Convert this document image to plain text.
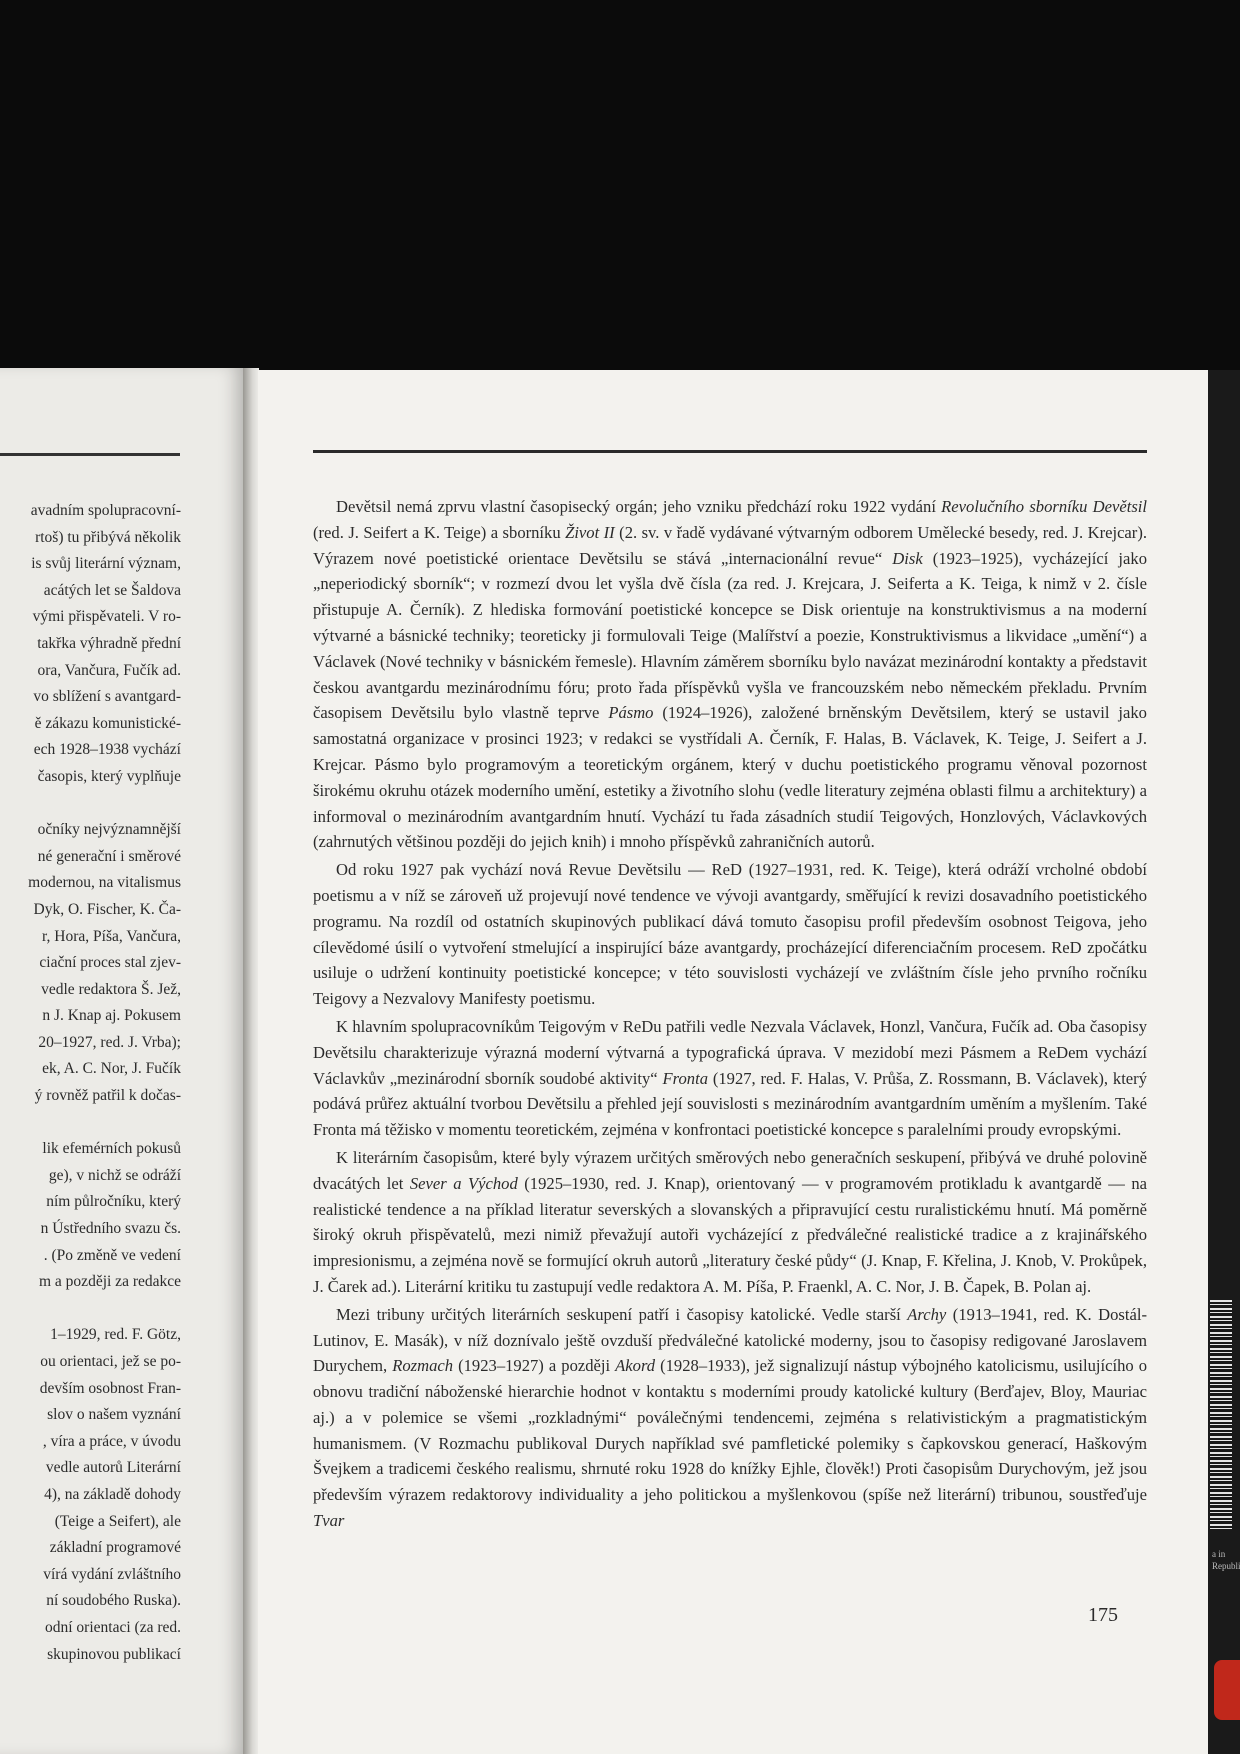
avadním spolupracovní-
rtoš) tu přibývá několik
is svůj literární význam,
acátých let se Šaldova
vými přispěvateli. V ro-
takřka výhradně přední
ora, Vančura, Fučík ad.
vo sblížení s avantgard-
ě zákazu komunistické-
ech 1928–1938 vychází
časopis, který vyplňuje

očníky nejvýznamnější
né generační i směrové
modernou, na vitalismus
Dyk, O. Fischer, K. Ča-
r, Hora, Píša, Vančura,
ciační proces stal zjev-
vedle redaktora Š. Jež,
n J. Knap aj. Pokusem
20–1927, red. J. Vrba);
ek, A. C. Nor, J. Fučík
ý rovněž patřil k dočas-

lik efemérních pokusů
ge), v nichž se odráží
ním půlročníku, který
n Ústředního svazu čs.
. (Po změně ve vedení
m a později za redakce

1–1929, red. F. Götz,
ou orientaci, jež se po-
devším osobnost Fran-
slov o našem vyznání
, víra a práce, v úvodu
vedle autorů Literární
4), na základě dohody
(Teige a Seifert), ale
základní programové
vírá vydání zvláštního
ní soudobého Ruska).
odní orientaci (za red.
skupinovou publikací
a in
Republi

Devětsil nemá zprvu vlastní časopisecký orgán; jeho vzniku předchází roku 1922 vydání Revolučního sborníku Devětsil (red. J. Seifert a K. Teige) a sborníku Život II (2. sv. v řadě vydávané výtvarným odborem Umělecké besedy, red. J. Krejcar). Výrazem nové poetistické orientace Devětsilu se stává „internacionální revue“ Disk (1923–1925), vycházející jako „neperiodický sborník“; v rozmezí dvou let vyšla dvě čísla (za red. J. Krejcara, J. Seiferta a K. Teiga, k nimž v 2. čísle přistupuje A. Černík). Z hlediska formování poetistické koncepce se Disk orientuje na konstruktivismus a na moderní výtvarné a básnické techniky; teoreticky ji formulovali Teige (Malířství a poezie, Konstruktivismus a likvidace „umění“) a Václavek (Nové techniky v básnickém řemesle). Hlavním záměrem sborníku bylo navázat mezinárodní kontakty a představit českou avantgardu mezinárodnímu fóru; proto řada příspěvků vyšla ve francouzském nebo německém překladu. Prvním časopisem Devětsilu bylo vlastně teprve Pásmo (1924–1926), založené brněnským Devětsilem, který se ustavil jako samostatná organizace v prosinci 1923; v redakci se vystřídali A. Černík, F. Halas, B. Václavek, K. Teige, J. Seifert a J. Krejcar. Pásmo bylo programovým a teoretickým orgánem, který v duchu poetistického programu věnoval pozornost širokému okruhu otázek moderního umění, estetiky a životního slohu (vedle literatury zejména oblasti filmu a architektury) a informoval o mezinárodním avantgardním hnutí. Vychází tu řada zásadních studií Teigových, Honzlových, Václavkových (zahrnutých většinou později do jejich knih) i mnoho příspěvků zahraničních autorů.

Od roku 1927 pak vychází nová Revue Devětsilu — ReD (1927–1931, red. K. Teige), která odráží vrcholné období poetismu a v níž se zároveň už projevují nové tendence ve vývoji avantgardy, směřující k revizi dosavadního poetistického programu. Na rozdíl od ostatních skupinových publikací dává tomuto časopisu profil především osobnost Teigova, jeho cílevědomé úsilí o vytvoření stmelující a inspirující báze avantgardy, procházející diferenciačním procesem. ReD zpočátku usiluje o udržení kontinuity poetistické koncepce; v této souvislosti vycházejí ve zvláštním čísle jeho prvního ročníku Teigovy a Nezvalovy Manifesty poetismu.

K hlavním spolupracovníkům Teigovým v ReDu patřili vedle Nezvala Václavek, Honzl, Vančura, Fučík ad. Oba časopisy Devětsilu charakterizuje výrazná moderní výtvarná a typografická úprava. V mezidobí mezi Pásmem a ReDem vychází Václavkův „mezinárodní sborník soudobé aktivity“ Fronta (1927, red. F. Halas, V. Průša, Z. Rossmann, B. Václavek), který podává průřez aktuální tvorbou Devětsilu a přehled její souvislosti s mezinárodním avantgardním uměním a myšlením. Také Fronta má těžisko v momentu teoretickém, zejména v konfrontaci poetistické koncepce s paralelními proudy evropskými.

K literárním časopisům, které byly výrazem určitých směrových nebo generačních seskupení, přibývá ve druhé polovině dvacátých let Sever a Východ (1925–1930, red. J. Knap), orientovaný — v programovém protikladu k avantgardě — na realistické tendence a na příklad literatur severských a slovanských a připravující cestu ruralistickému hnutí. Má poměrně široký okruh přispěvatelů, mezi nimiž převažují autoři vycházející z předválečné realistické tradice a z krajinářského impresionismu, a zejména nově se formující okruh autorů „literatury české půdy“ (J. Knap, F. Křelina, J. Knob, V. Prokůpek, J. Čarek ad.). Literární kritiku tu zastupují vedle redaktora A. M. Píša, P. Fraenkl, A. C. Nor, J. B. Čapek, B. Polan aj.

Mezi tribuny určitých literárních seskupení patří i časopisy katolické. Vedle starší Archy (1913–1941, red. K. Dostál-Lutinov, E. Masák), v níž doznívalo ještě ovzduší předválečné katolické moderny, jsou to časopisy redigované Jaroslavem Durychem, Rozmach (1923–1927) a později Akord (1928–1933), jež signalizují nástup výbojného katolicismu, usilujícího o obnovu tradiční náboženské hierarchie hodnot v kontaktu s moderními proudy katolické kultury (Berďajev, Bloy, Mauriac aj.) a v polemice se všemi „rozkladnými“ poválečnými tendencemi, zejména s relativistickým a pragmatistickým humanismem. (V Rozmachu publikoval Durych například své pamfletické polemiky s čapkovskou generací, Haškovým Švejkem a tradicemi českého realismu, shrnuté roku 1928 do knížky Ejhle, člověk!) Proti časopisům Durychovým, jež jsou především výrazem redaktorovy individuality a jeho politickou a myšlenkovou (spíše než literární) tribunou, soustřeďuje Tvar

175
